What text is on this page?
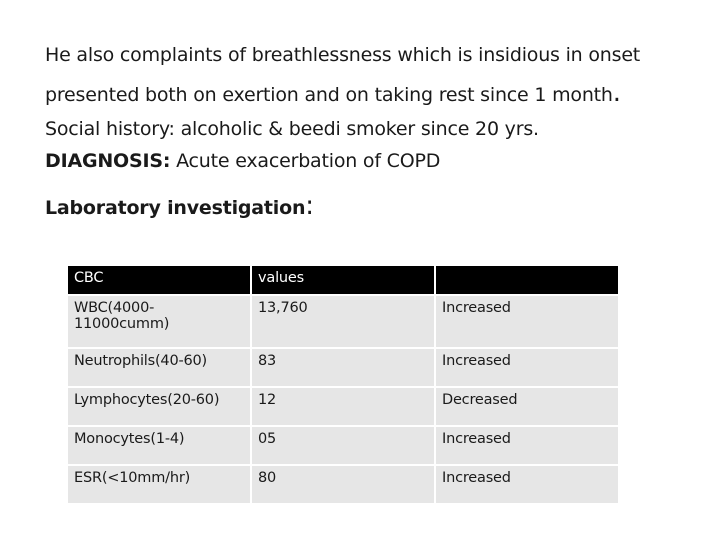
He also complaints of breathlessness which is insidious in onset
presented both on exertion and on taking rest since 1 month.
Social history: alcoholic & beedi smoker since 20 yrs.
DIAGNOSIS: Acute exacerbation of COPD
Laboratory investigation:
CBC	values	
WBC(4000-
11000cumm)	13,760	Increased
Neutrophils(40-60)	83	Increased
Lymphocytes(20-60)	12	Decreased
Monocytes(1-4)	05	Increased
ESR(<10mm/hr)	80	Increased
